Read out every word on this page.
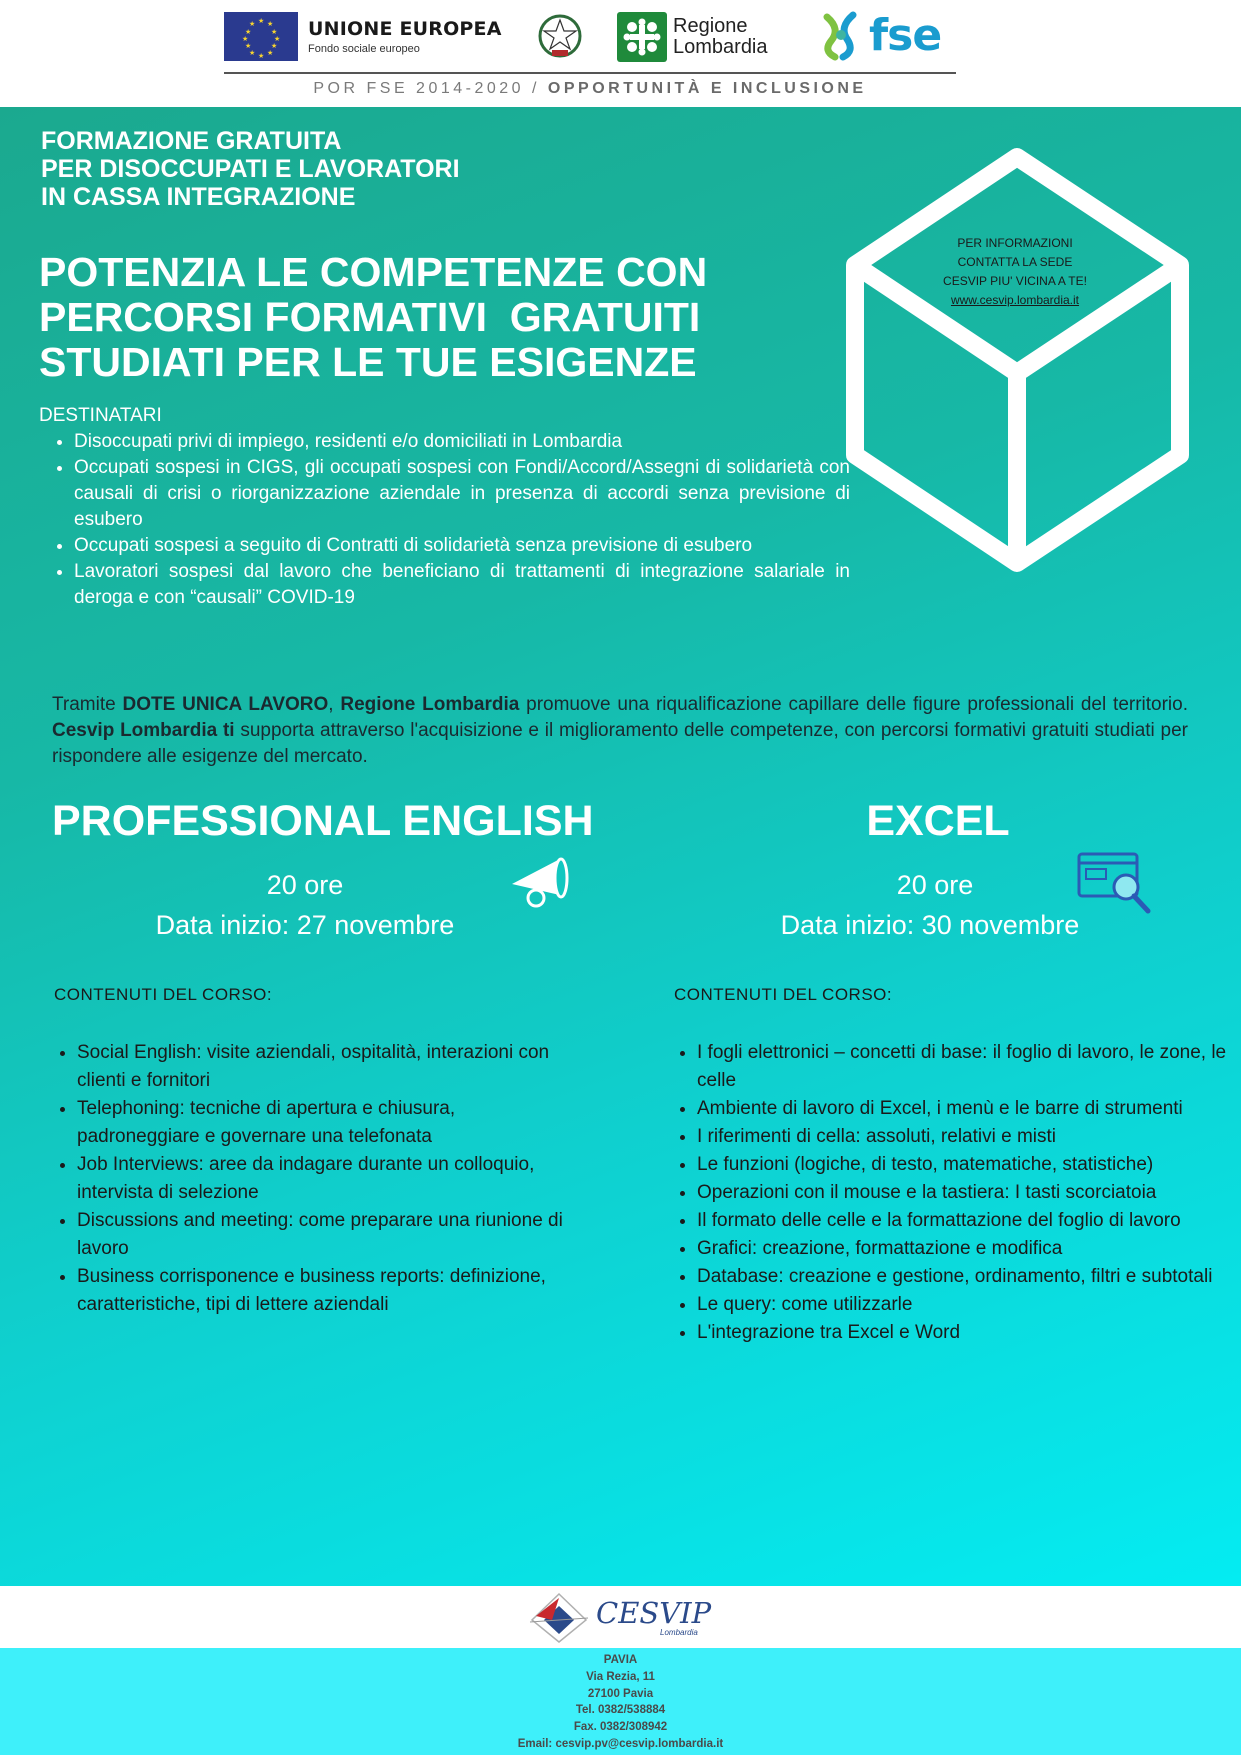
★ ★
★
★
★
★
★
★
★
★
★
★	UNIONE EUROPEA
Fondo sociale europeo
Regione
Lombardia fse
POR FSE 2014-2020 / OPPORTUNITÀ E INCLUSIONE
FORMAZIONE GRATUITA
PER DISOCCUPATI E LAVORATORI
IN CASSA INTEGRAZIONE
POTENZIA LE COMPETENZE CON
PERCORSI FORMATIVI  GRATUITI
STUDIATI PER LE TUE ESIGENZE
PER INFORMAZIONI
CONTATTA LA SEDE
CESVIP PIU' VICINA A TE!
www.cesvip.lombardia.it
DESTINATARI
• Disoccupati privi di impiego, residenti e/o domiciliati in Lombardia
• Occupati sospesi in CIGS, gli occupati sospesi con Fondi/Accord/Assegni di solidarietà con causali di crisi o riorganizzazione aziendale in presenza di accordi senza previsione di esubero
• Occupati sospesi a seguito di Contratti di solidarietà senza previsione di esubero
• Lavoratori sospesi dal lavoro che beneficiano di trattamenti di integrazione salariale in deroga e con “causali” COVID-19
Tramite DOTE UNICA LAVORO, Regione Lombardia promuove una riqualificazione capillare delle figure professionali del territorio. Cesvip Lombardia ti supporta attraverso l'acquisizione e il miglioramento delle competenze, con percorsi formativi gratuiti studiati per rispondere alle esigenze del mercato.
PROFESSIONAL ENGLISH
20 ore
Data inizio: 27 novembre
CONTENUTI DEL CORSO:
• Social English: visite aziendali, ospitalità, interazioni con clienti e fornitori
• Telephoning: tecniche di apertura e chiusura, padroneggiare e governare una telefonata
• Job Interviews: aree da indagare durante un colloquio, intervista di selezione
• Discussions and meeting: come preparare una riunione di lavoro
• Business corrisponence e business reports: definizione, caratteristiche, tipi di lettere aziendali
EXCEL
20 ore
Data inizio: 30 novembre
CONTENUTI DEL CORSO:
• I fogli elettronici – concetti di base: il foglio di lavoro, le zone, le celle
• Ambiente di lavoro di Excel, i menù e le barre di strumenti
• I riferimenti di cella: assoluti, relativi e misti
• Le funzioni (logiche, di testo, matematiche, statistiche)
• Operazioni con il mouse e la tastiera: I tasti scorciatoia
• Il formato delle celle e la formattazione del foglio di lavoro
• Grafici: creazione, formattazione e modifica
• Database: creazione e gestione, ordinamento, filtri e subtotali
• Le query: come utilizzarle
• L'integrazione tra Excel e Word
CESVIP
Lombardia
PAVIA
Via Rezia, 11
27100 Pavia
Tel. 0382/538884
Fax. 0382/308942
Email: cesvip.pv@cesvip.lombardia.it
